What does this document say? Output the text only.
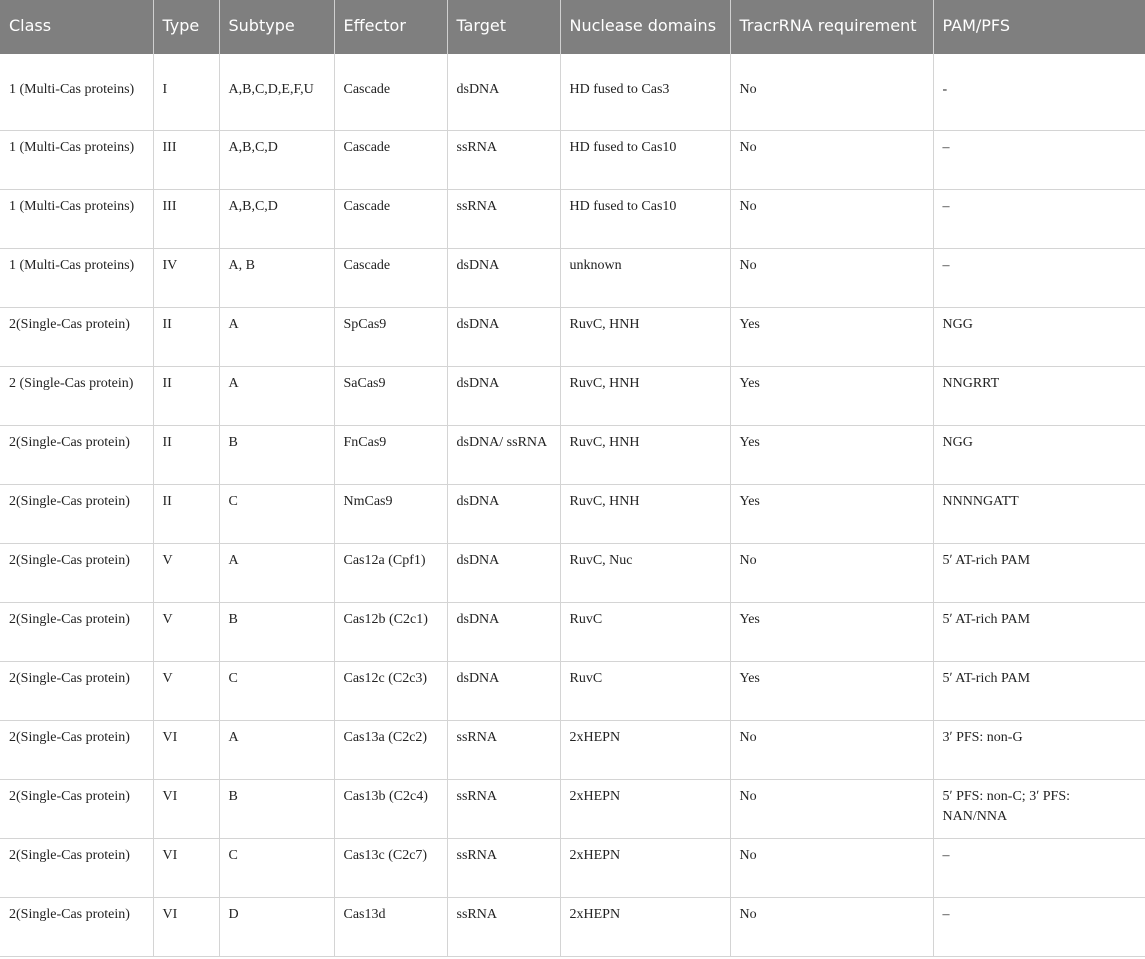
Class	Type	Subtype	Effector	Target	Nuclease domains	TracrRNA requirement	PAM/PFS
1 (Multi-Cas proteins)	I	A,B,C,D,E,F,U	Cascade	dsDNA	HD fused to Cas3	No	-
1 (Multi-Cas proteins)	III	A,B,C,D	Cascade	ssRNA	HD fused to Cas10	No	–
1 (Multi-Cas proteins)	III	A,B,C,D	Cascade	ssRNA	HD fused to Cas10	No	–
1 (Multi-Cas proteins)	IV	A, B	Cascade	dsDNA	unknown	No	–
2(Single-Cas protein)	II	A	SpCas9	dsDNA	RuvC, HNH	Yes	NGG
2 (Single-Cas protein)	II	A	SaCas9	dsDNA	RuvC, HNH	Yes	NNGRRT
2(Single-Cas protein)	II	B	FnCas9	dsDNA/ ssRNA	RuvC, HNH	Yes	NGG
2(Single-Cas protein)	II	C	NmCas9	dsDNA	RuvC, HNH	Yes	NNNNGATT
2(Single-Cas protein)	V	A	Cas12a (Cpf1)	dsDNA	RuvC, Nuc	No	5ʹ AT-rich PAM
2(Single-Cas protein)	V	B	Cas12b (C2c1)	dsDNA	RuvC	Yes	5ʹ AT-rich PAM
2(Single-Cas protein)	V	C	Cas12c (C2c3)	dsDNA	RuvC	Yes	5ʹ AT-rich PAM
2(Single-Cas protein)	VI	A	Cas13a (C2c2)	ssRNA	2xHEPN	No	3ʹ PFS: non-G
2(Single-Cas protein)	VI	B	Cas13b (C2c4)	ssRNA	2xHEPN	No	5ʹ PFS: non-C; 3ʹ PFS: NAN/NNA
2(Single-Cas protein)	VI	C	Cas13c (C2c7)	ssRNA	2xHEPN	No	–
2(Single-Cas protein)	VI	D	Cas13d	ssRNA	2xHEPN	No	–
